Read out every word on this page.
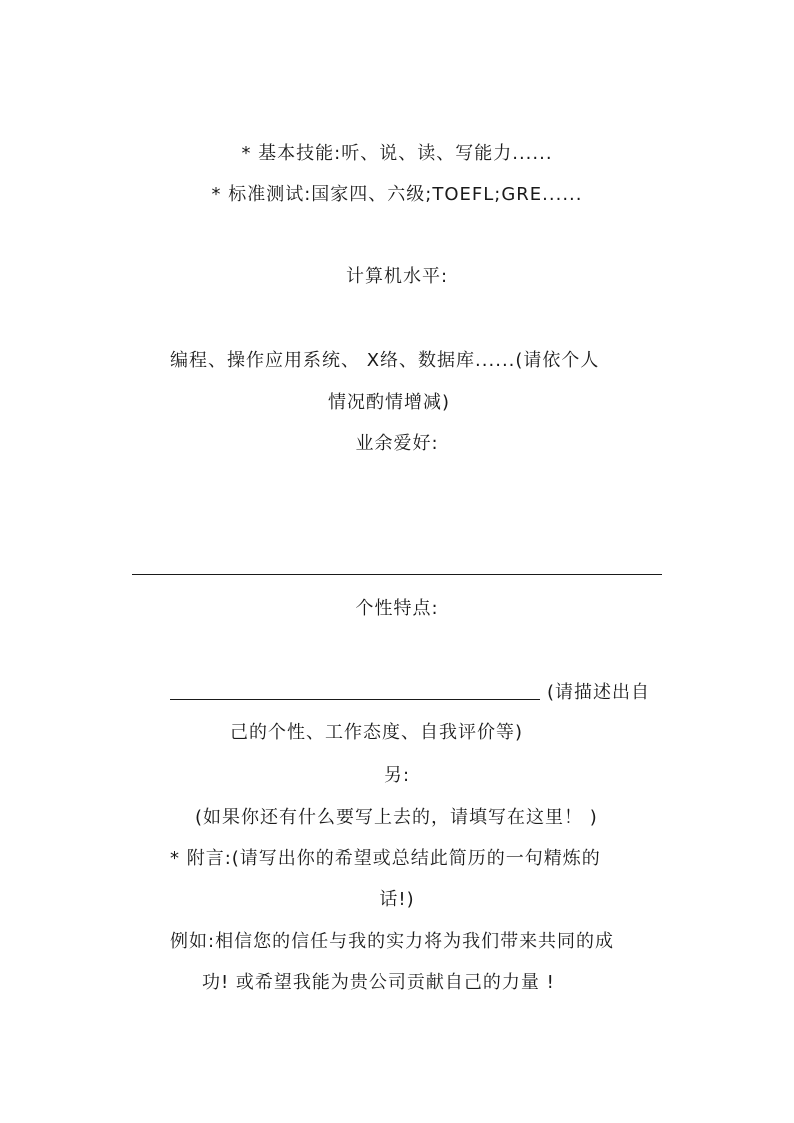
* 基本技能:听、说、读、写能力......
* 标准测试:国家四、六级;TOEFL;GRE......
计算机水平:
编程、操作应用系统、 X络、数据库......(请依个人
情况酌情增减)
业余爱好:
个性特点:
(请描述出自
己的个性、工作态度、自我评价等)
另:
(如果你还有什么要写上去的，请填写在这里！ )
* 附言:(请写出你的希望或总结此简历的一句精炼的
话!)
例如:相信您的信任与我的实力将为我们带来共同的成
功! 或希望我能为贵公司贡献自己的力量 !
